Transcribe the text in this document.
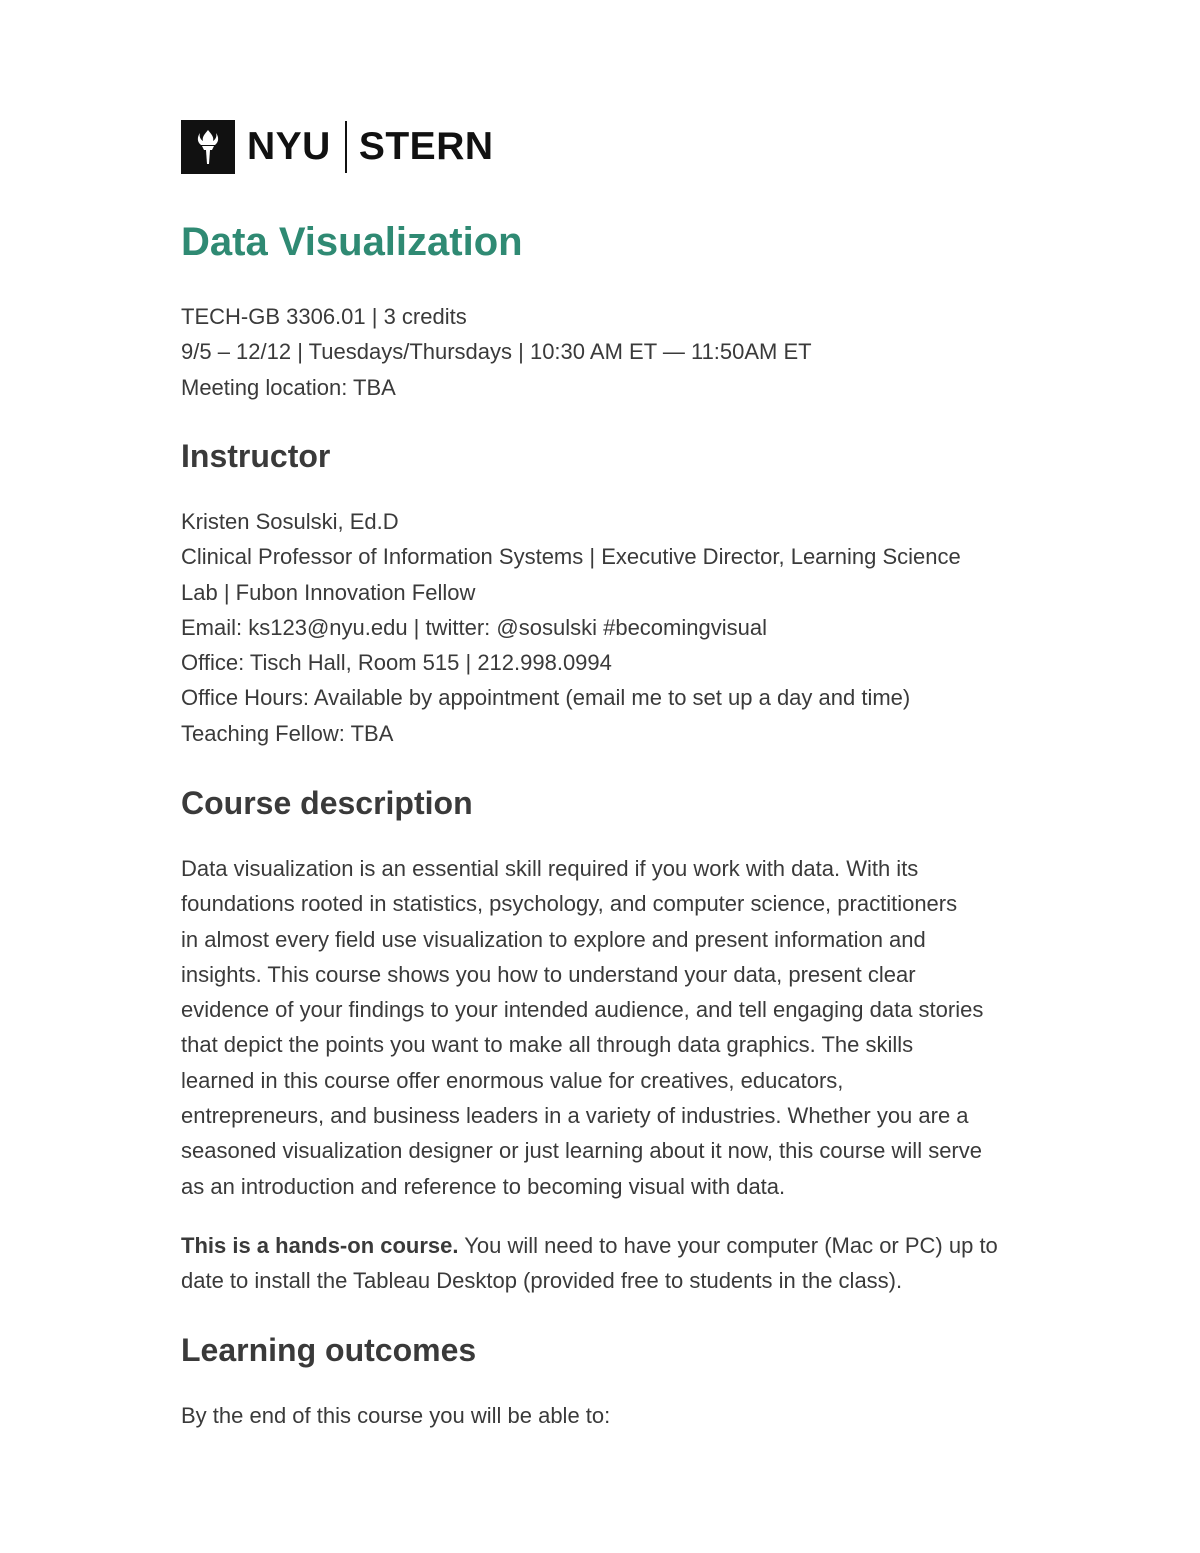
NYU STERN
Data Visualization
TECH-GB 3306.01 | 3 credits
9/5 – 12/12 | Tuesdays/Thursdays | 10:30 AM ET — 11:50AM ET
Meeting location: TBA
Instructor
Kristen Sosulski, Ed.D
Clinical Professor of Information Systems | Executive Director, Learning Science
Lab | Fubon Innovation Fellow
Email: ks123@nyu.edu | twitter: @sosulski #becomingvisual
Office: Tisch Hall, Room 515 | 212.998.0994
Office Hours: Available by appointment (email me to set up a day and time)
Teaching Fellow: TBA
Course description
Data visualization is an essential skill required if you work with data. With its
foundations rooted in statistics, psychology, and computer science, practitioners
in almost every field use visualization to explore and present information and
insights. This course shows you how to understand your data, present clear
evidence of your findings to your intended audience, and tell engaging data stories
that depict the points you want to make all through data graphics. The skills
learned in this course offer enormous value for creatives, educators,
entrepreneurs, and business leaders in a variety of industries. Whether you are a
seasoned visualization designer or just learning about it now, this course will serve
as an introduction and reference to becoming visual with data.
This is a hands-on course. You will need to have your computer (Mac or PC) up to
date to install the Tableau Desktop (provided free to students in the class).
Learning outcomes
By the end of this course you will be able to:
